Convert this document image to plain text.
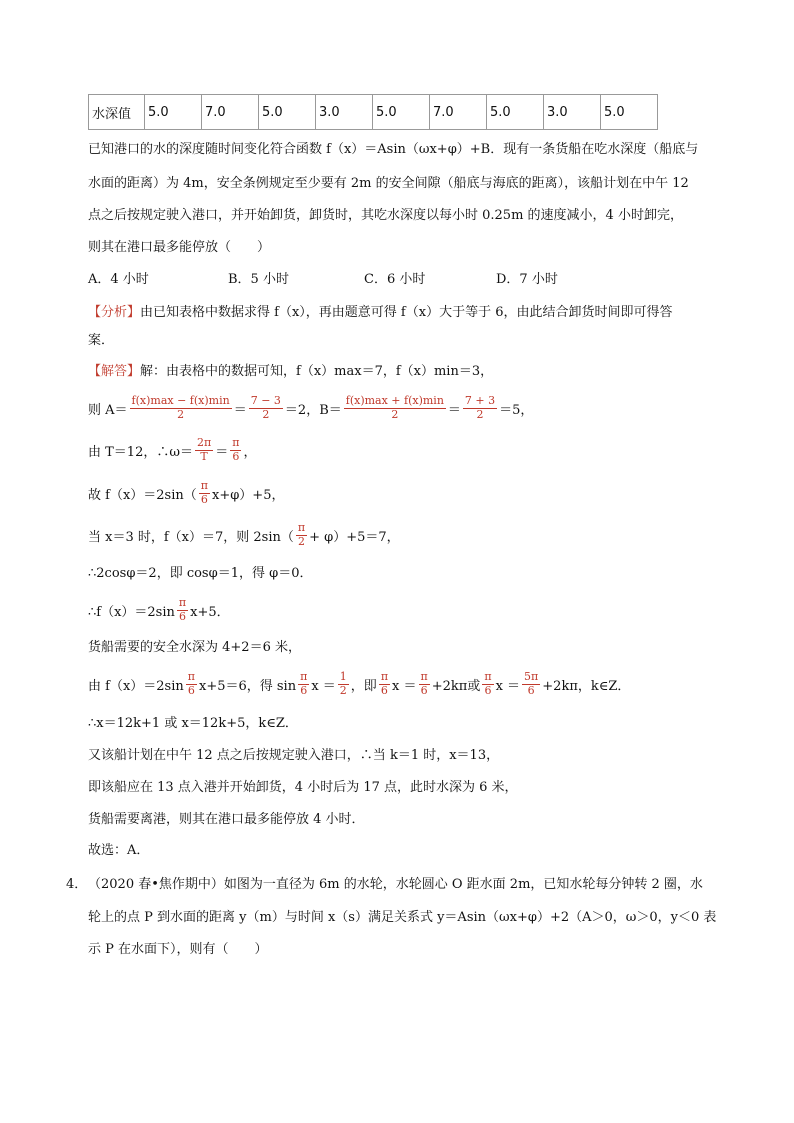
水深值	5.0	7.0	5.0	3.0	5.0	7.0	5.0	3.0	5.0
已知港口的水的深度随时间变化符合函数 f（x）＝Asin（ωx+φ）+B．现有一条货船在吃水深度（船底与
水面的距离）为 4m，安全条例规定至少要有 2m 的安全间隙（船底与海底的距离），该船计划在中午 12
点之后按规定驶入港口，并开始卸货，卸货时，其吃水深度以每小时 0.25m 的速度减小，4 小时卸完，
则其在港口最多能停放（　　）
A．4 小时	B．5 小时	C．6 小时	D．7 小时
【分析】由已知表格中数据求得 f（x），再由题意可得 f（x）大于等于 6，由此结合卸货时间即可得答
案．
【解答】解：由表格中的数据可知，f（x）max＝7，f（x）min＝3，
则 $A= \frac{f(x)\max - f(x)\min}{2} = \frac{7 - 3}{2} =2$，$B= \frac{f(x)\max + f(x)\min}{2} = \frac{7 + 3}{2} =5$，
由 T＝12，∴ω＝ $\frac{2\pi}{T} = \frac{\pi}{6}$ ，
故 $f(x)=2\sin( \frac{\pi}{6} x+\varphi)+5$，
当 x＝3 时，f（x）＝7，则 $2\sin( \frac{\pi}{2} + \varphi)+5=7$，
∴2cosφ＝2，即 cosφ＝1，得 φ＝0．
∴f（x）＝2sin $\frac{\pi}{6} x+5$．
货船需要的安全水深为 4+2＝6 米，
由 $f(x)=2\sin \frac{\pi}{6} x+5=6$，得 $\sin \frac{\pi}{6}$ $x = \frac{1}{2}$ ，即 $\frac{\pi}{6}$ $x = \frac{\pi}{6} +2k\pi$或 $\frac{\pi}{6}$ $x = \frac{5\pi}{6} +2k\pi$，k∈Z．
∴x＝12k+1 或 x＝12k+5，k∈Z．
又该船计划在中午 12 点之后按规定驶入港口，∴当 k＝1 时，x＝13，
即该船应在 13 点入港并开始卸货，4 小时后为 17 点，此时水深为 6 米，
货船需要离港，则其在港口最多能停放 4 小时．
故选：A．
4． （2020 春•焦作期中）如图为一直径为 6m 的水轮，水轮圆心 O 距水面 2m，已知水轮每分钟转 2 圈，水
轮上的点 P 到水面的距离 y（m）与时间 x（s）满足关系式 y＝Asin（ωx+φ）+2（A＞0，ω＞0，y＜0 表
示 P 在水面下），则有（　　）
